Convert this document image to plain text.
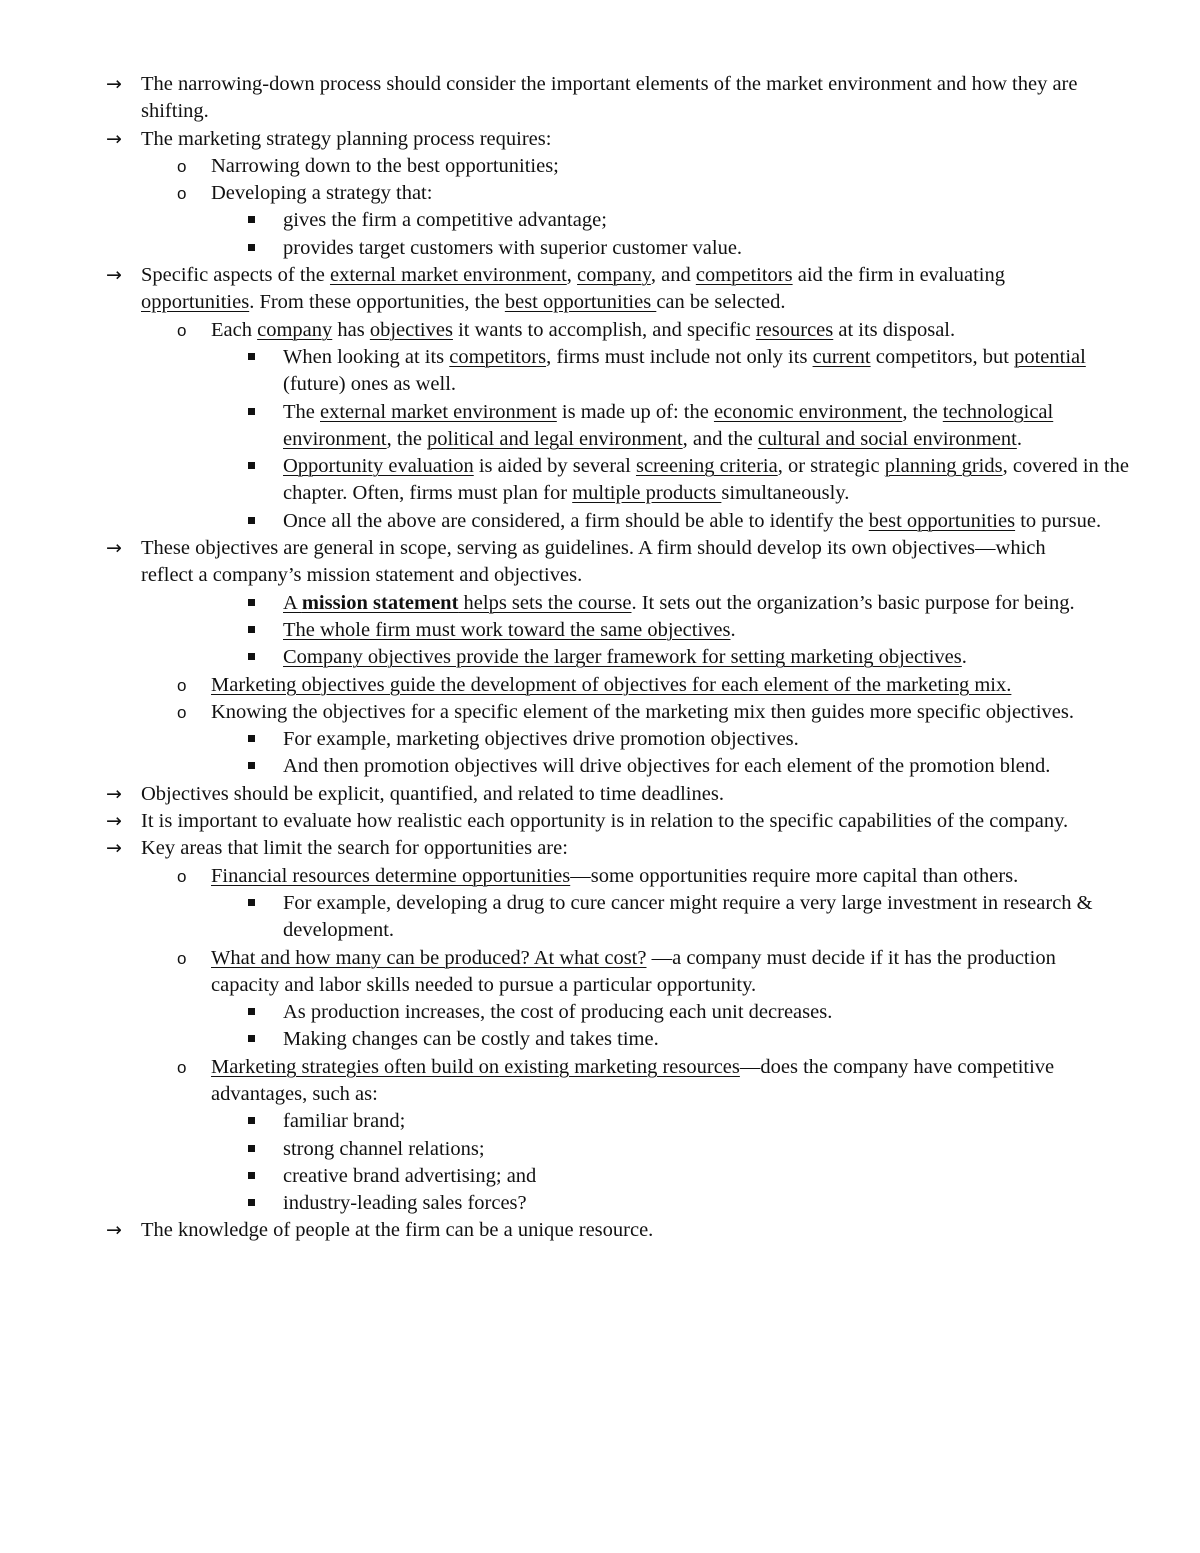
→ The narrowing-down process should consider the important elements of the market environment and how they are shifting.
→ The marketing strategy planning process requires:
o Narrowing down to the best opportunities;
o Developing a strategy that:
gives the firm a competitive advantage;
provides target customers with superior customer value.
→ Specific aspects of the external market environment, company, and competitors aid the firm in evaluating opportunities. From these opportunities, the best opportunities can be selected.
o Each company has objectives it wants to accomplish, and specific resources at its disposal.
When looking at its competitors, firms must include not only its current competitors, but potential (future) ones as well.
The external market environment is made up of: the economic environment, the technological environment, the political and legal environment, and the cultural and social environment.
Opportunity evaluation is aided by several screening criteria, or strategic planning grids, covered in the chapter. Often, firms must plan for multiple products simultaneously.
Once all the above are considered, a firm should be able to identify the best opportunities to pursue.
→ These objectives are general in scope, serving as guidelines. A firm should develop its own objectives—which reflect a company’s mission statement and objectives.
A mission statement helps sets the course. It sets out the organization’s basic purpose for being.
The whole firm must work toward the same objectives.
Company objectives provide the larger framework for setting marketing objectives.
o Marketing objectives guide the development of objectives for each element of the marketing mix.
o Knowing the objectives for a specific element of the marketing mix then guides more specific objectives.
For example, marketing objectives drive promotion objectives.
And then promotion objectives will drive objectives for each element of the promotion blend.
→ Objectives should be explicit, quantified, and related to time deadlines.
→ It is important to evaluate how realistic each opportunity is in relation to the specific capabilities of the company.
→ Key areas that limit the search for opportunities are:
o Financial resources determine opportunities—some opportunities require more capital than others.
For example, developing a drug to cure cancer might require a very large investment in research & development.
o What and how many can be produced? At what cost? —a company must decide if it has the production capacity and labor skills needed to pursue a particular opportunity.
As production increases, the cost of producing each unit decreases.
Making changes can be costly and takes time.
o Marketing strategies often build on existing marketing resources—does the company have competitive advantages, such as:
familiar brand;
strong channel relations;
creative brand advertising; and
industry-leading sales forces?
→ The knowledge of people at the firm can be a unique resource.
